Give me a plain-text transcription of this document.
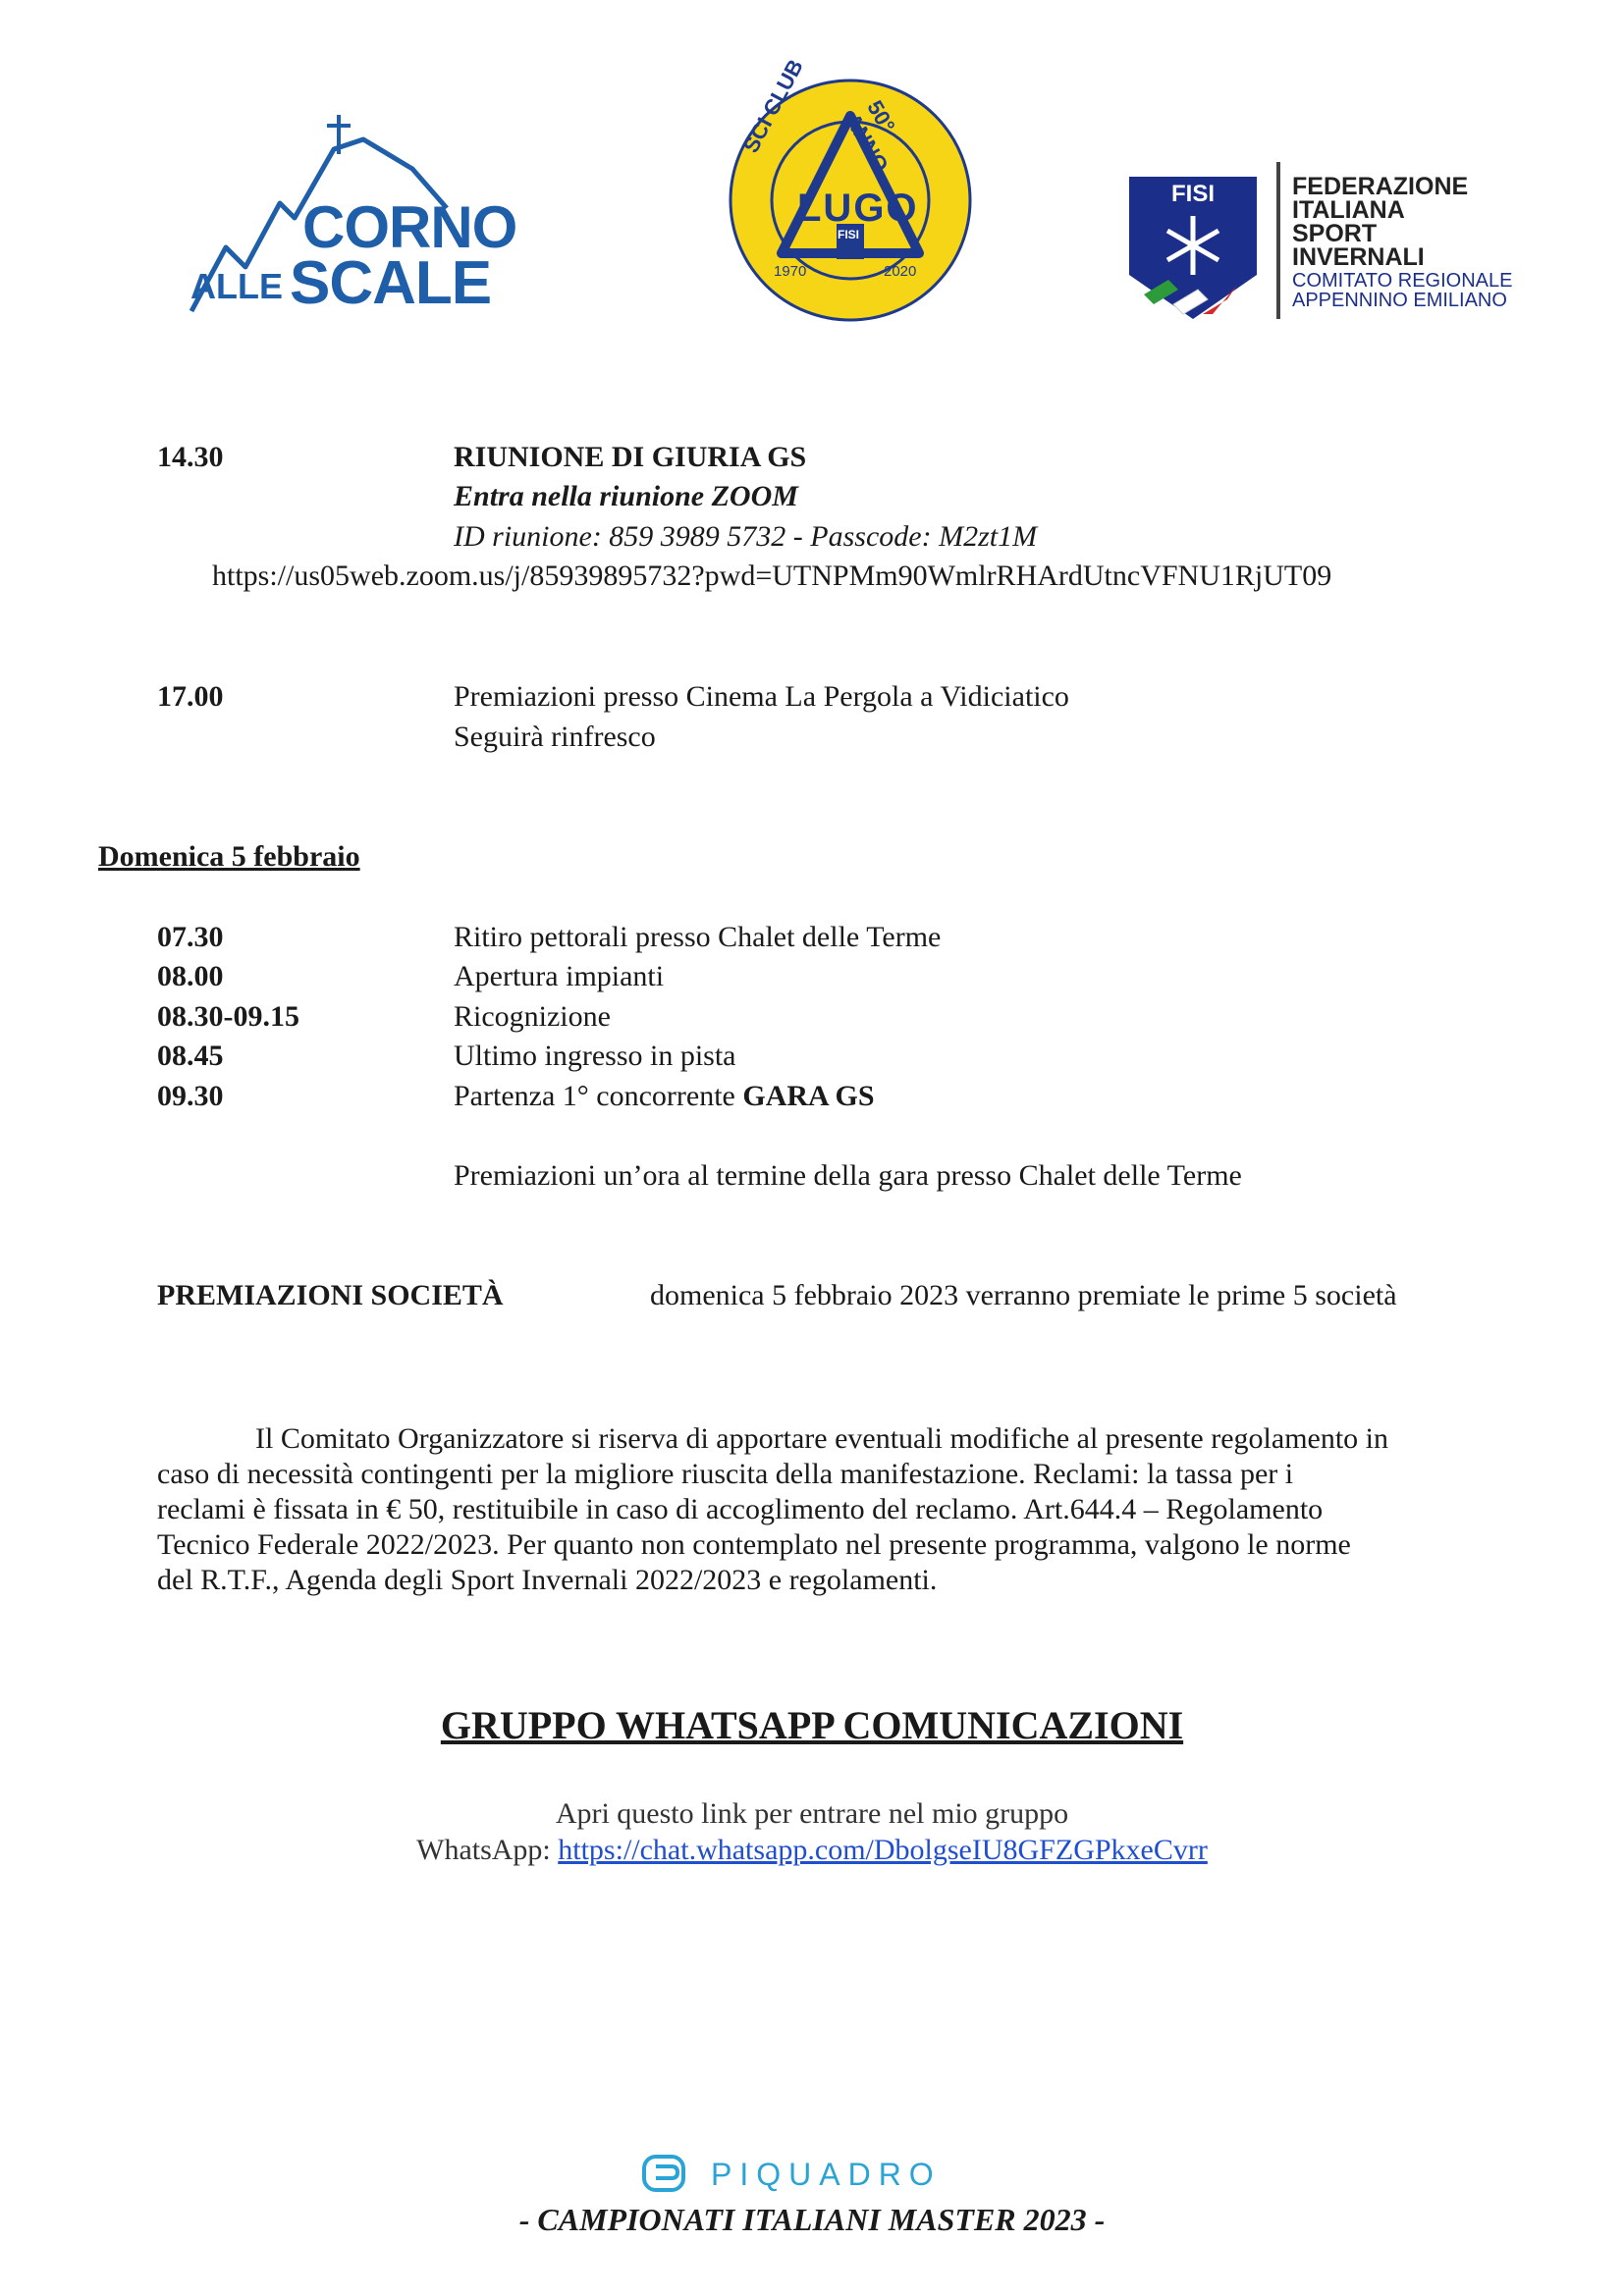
CORNO
ALLE SCALE
SCI CLUB	50° ANNO
LUGO
FISI
1970	2020
FISI	FEDERAZIONE
ITALIANA
SPORT
INVERNALI
COMITATO REGIONALE
APPENNINO EMILIANO
14.30	RIUNIONE DI GIURIA GS
Entra nella riunione ZOOM
ID riunione: 859 3989 5732 - Passcode: M2zt1M
https://us05web.zoom.us/j/85939895732?pwd=UTNPMm90WmlrRHArdUtncVFNU1RjUT09
17.00	Premiazioni presso Cinema La Pergola a Vidiciatico
Seguirà rinfresco
Domenica 5 febbraio
07.30	Ritiro pettorali presso Chalet delle Terme
08.00	Apertura impianti
08.30-09.15	Ricognizione
08.45	Ultimo ingresso in pista
09.30	Partenza 1° concorrente GARA GS
Premiazioni un’ora al termine della gara presso Chalet delle Terme
PREMIAZIONI SOCIETÀ	domenica 5 febbraio 2023 verranno premiate le prime 5 società
Il Comitato Organizzatore si riserva di apportare eventuali modifiche al presente regolamento in
caso di necessità contingenti per la migliore riuscita della manifestazione. Reclami: la tassa per i
reclami è fissata in € 50, restituibile in caso di accoglimento del reclamo. Art.644.4 – Regolamento
Tecnico Federale 2022/2023. Per quanto non contemplato nel presente programma, valgono le norme
del R.T.F., Agenda degli Sport Invernali 2022/2023 e regolamenti.
GRUPPO WHATSAPP COMUNICAZIONI
Apri questo link per entrare nel mio gruppo
WhatsApp: https://chat.whatsapp.com/DbolgseIU8GFZGPkxeCvrr
PIQUADRO
- CAMPIONATI ITALIANI MASTER 2023 -
